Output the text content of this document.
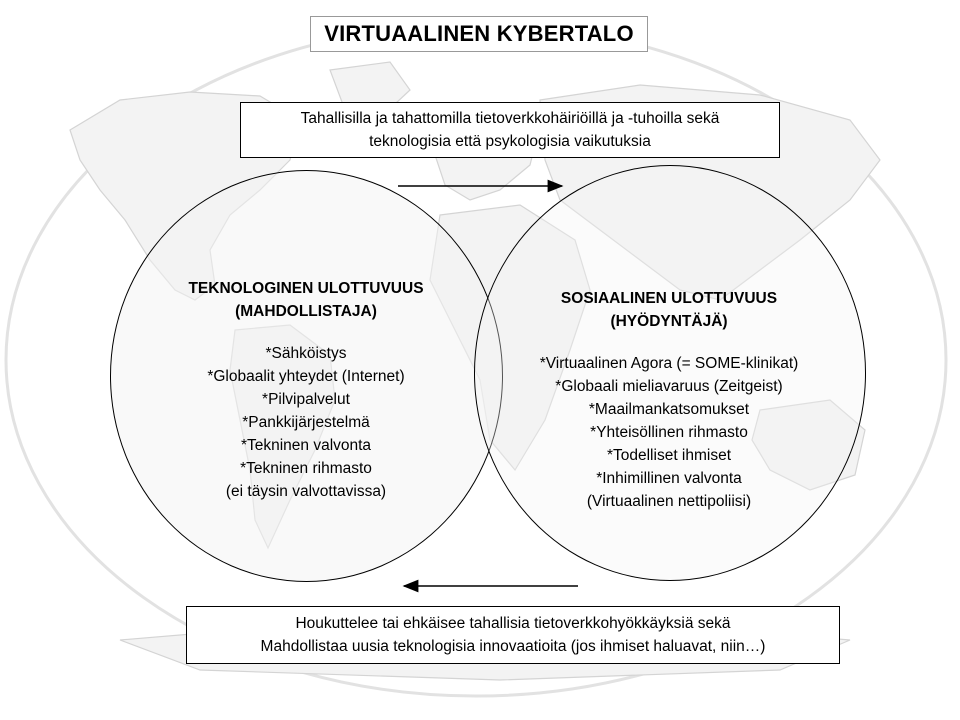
VIRTUAALINEN KYBERTALO
Tahallisilla ja tahattomilla tietoverkkohäiriöillä ja -tuhoilla sekä
teknologisia että psykologisia vaikutuksia
TEKNOLOGINEN ULOTTUVUUS
(MAHDOLLISTAJA)
*Sähköistys
*Globaalit yhteydet (Internet)
*Pilvipalvelut
*Pankkijärjestelmä
*Tekninen valvonta
*Tekninen rihmasto
(ei täysin valvottavissa)
SOSIAALINEN ULOTTUVUUS
(HYÖDYNTÄJÄ)
*Virtuaalinen Agora (= SOME-klinikat)
*Globaali mieliavaruus (Zeitgeist)
*Maailmankatsomukset
*Yhteisöllinen rihmasto
*Todelliset ihmiset
*Inhimillinen valvonta
(Virtuaalinen nettipoliisi)
Houkuttelee tai ehkäisee tahallisia tietoverkkohyökkäyksiä sekä
Mahdollistaa uusia teknologisia innovaatioita (jos ihmiset haluavat, niin…)
